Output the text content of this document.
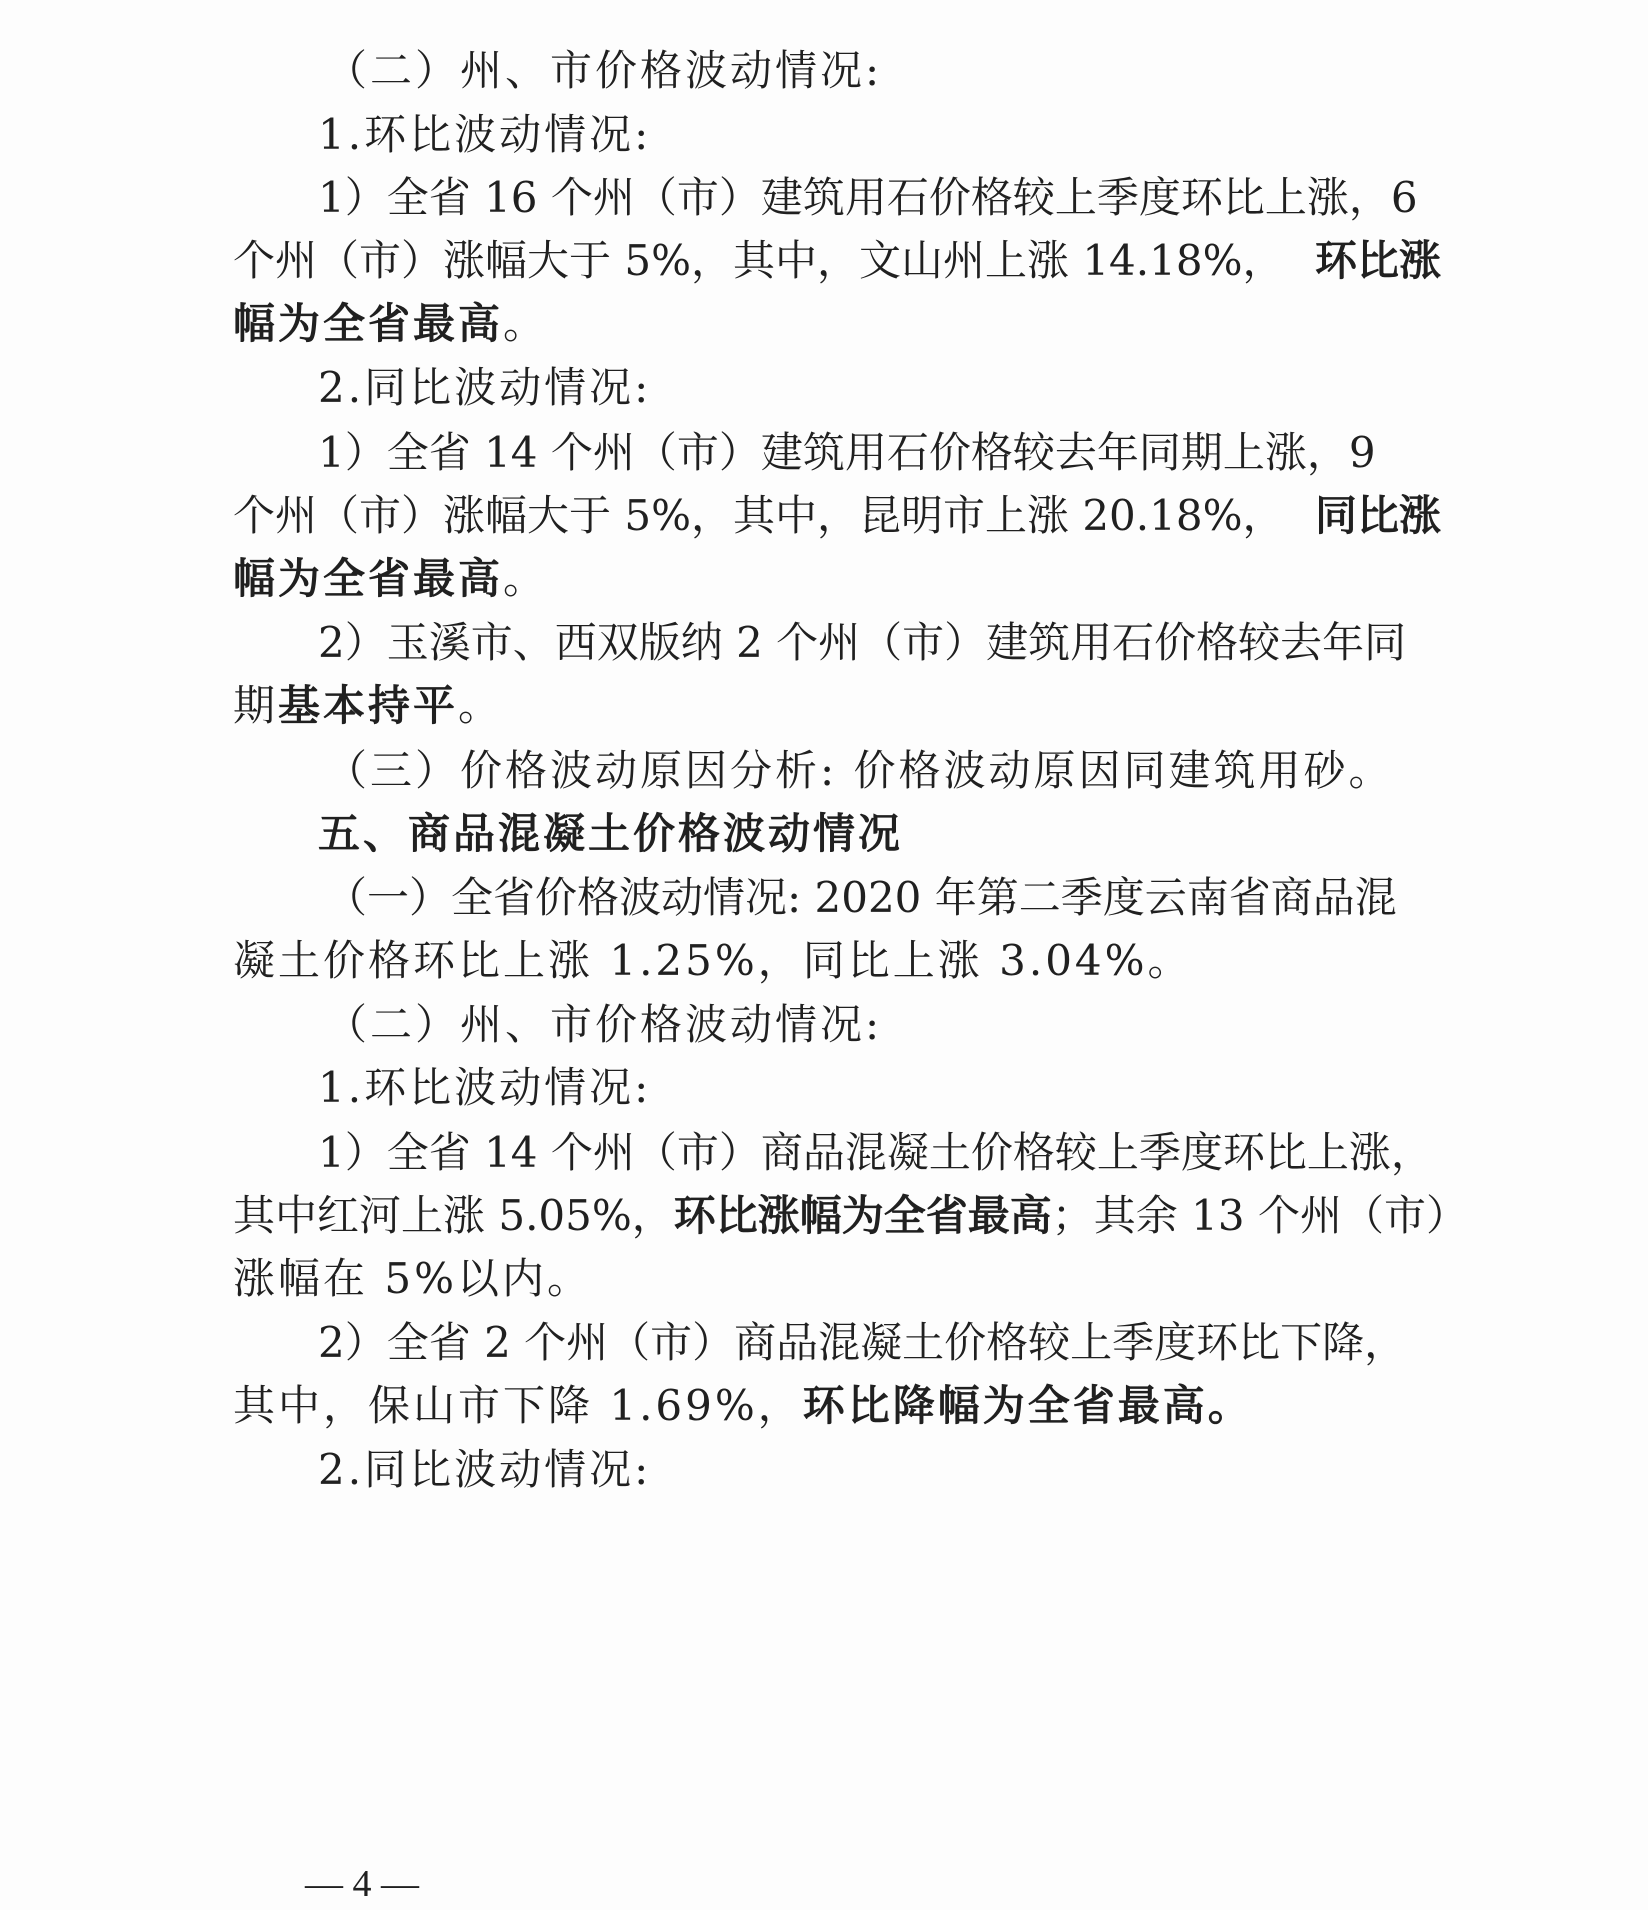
（二）州、市价格波动情况:
1.环比波动情况:
1）全省 16 个州（市）建筑用石价格较上季度环比上涨，6
个州（市）涨幅大于 5%，其中，文山州上涨 14.18%， 环比涨
幅为全省最高。
2.同比波动情况:
1）全省 14 个州（市）建筑用石价格较去年同期上涨，9
个州（市）涨幅大于 5%，其中，昆明市上涨 20.18%， 同比涨
幅为全省最高。
2）玉溪市、西双版纳 2 个州（市）建筑用石价格较去年同
期基本持平。
（三）价格波动原因分析: 价格波动原因同建筑用砂。
五、商品混凝土价格波动情况
（一）全省价格波动情况: 2020 年第二季度云南省商品混
凝土价格环比上涨 1.25%，同比上涨 3.04%。
（二）州、市价格波动情况:
1.环比波动情况:
1）全省 14 个州（市）商品混凝土价格较上季度环比上涨，
其中红河上涨 5.05%， 环比涨幅为全省最高 ；其余 13 个州（市）
涨幅在 5%以内。
2）全省 2 个州（市）商品混凝土价格较上季度环比下降，
其中，保山市下降 1.69%，环比降幅为全省最高。
2.同比波动情况:
— 4 —
